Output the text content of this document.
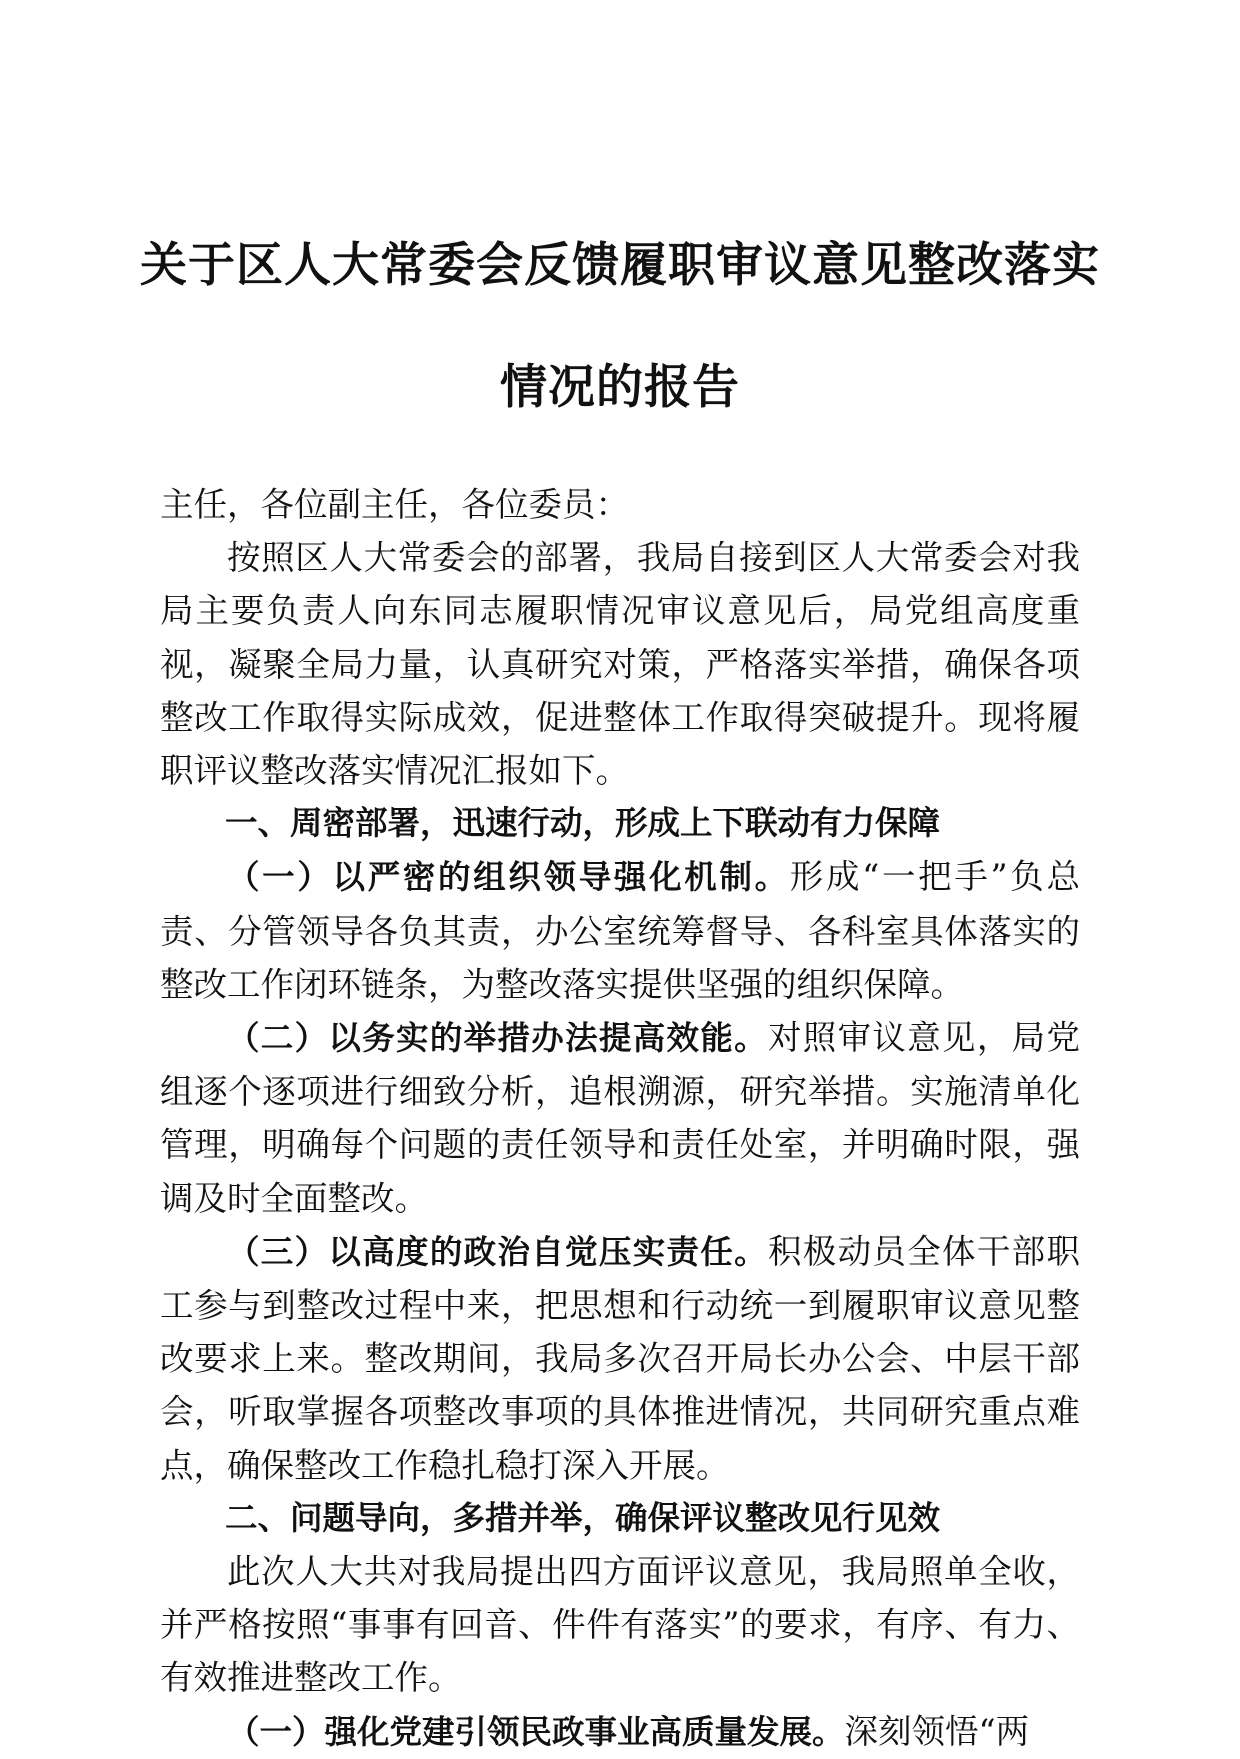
关于区人大常委会反馈履职审议意见整改落实
情况的报告

主任，各位副主任，各位委员：

按照区人大常委会的部署，我局自接到区人大常委会对我局主要负责人向东同志履职情况审议意见后，局党组高度重视，凝聚全局力量，认真研究对策，严格落实举措，确保各项整改工作取得实际成效，促进整体工作取得突破提升。现将履职评议整改落实情况汇报如下。

一、周密部署，迅速行动，形成上下联动有力保障

（一）以严密的组织领导强化机制。形成“一把手”负总责、分管领导各负其责，办公室统筹督导、各科室具体落实的整改工作闭环链条，为整改落实提供坚强的组织保障。

（二）以务实的举措办法提高效能。对照审议意见，局党组逐个逐项进行细致分析，追根溯源，研究举措。实施清单化管理，明确每个问题的责任领导和责任处室，并明确时限，强调及时全面整改。

（三）以高度的政治自觉压实责任。积极动员全体干部职工参与到整改过程中来，把思想和行动统一到履职审议意见整改要求上来。整改期间，我局多次召开局长办公会、中层干部会，听取掌握各项整改事项的具体推进情况，共同研究重点难点，确保整改工作稳扎稳打深入开展。

二、问题导向，多措并举，确保评议整改见行见效

此次人大共对我局提出四方面评议意见，我局照单全收，并严格按照“事事有回音、件件有落实”的要求，有序、有力、有效推进整改工作。

（一）强化党建引领民政事业高质量发展。深刻领悟“两
